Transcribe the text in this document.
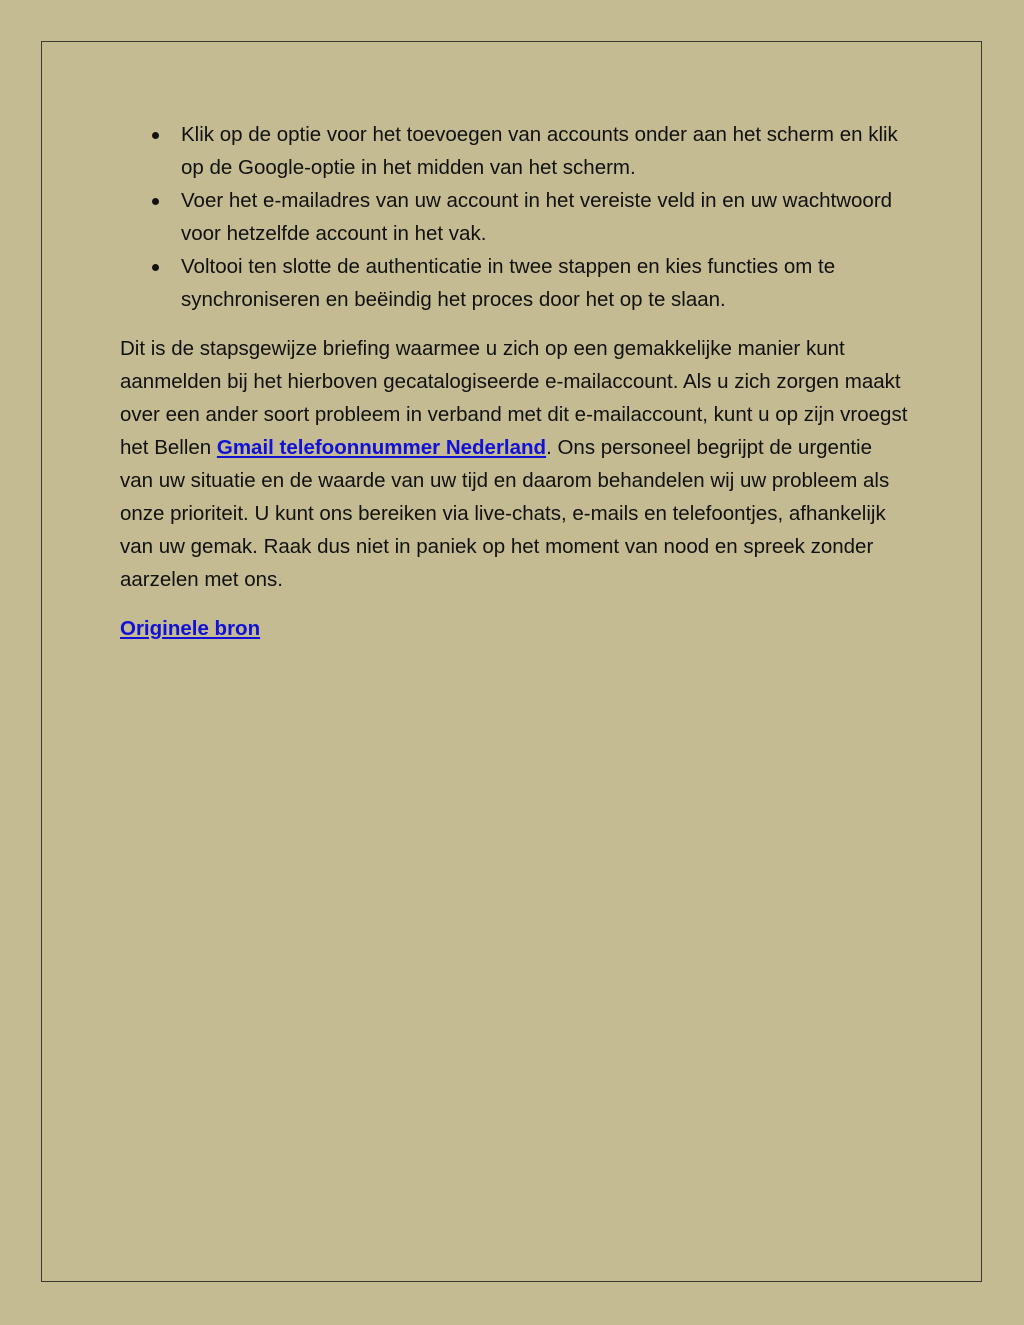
Klik op de optie voor het toevoegen van accounts onder aan het scherm en klik op de Google-optie in het midden van het scherm.
Voer het e-mailadres van uw account in het vereiste veld in en uw wachtwoord voor hetzelfde account in het vak.
Voltooi ten slotte de authenticatie in twee stappen en kies functies om te synchroniseren en beëindig het proces door het op te slaan.

Dit is de stapsgewijze briefing waarmee u zich op een gemakkelijke manier kunt aanmelden bij het hierboven gecatalogiseerde e-mailaccount. Als u zich zorgen maakt over een ander soort probleem in verband met dit e-mailaccount, kunt u op zijn vroegst het Bellen Gmail telefoonnummer Nederland. Ons personeel begrijpt de urgentie van uw situatie en de waarde van uw tijd en daarom behandelen wij uw probleem als onze prioriteit. U kunt ons bereiken via live-chats, e-mails en telefoontjes, afhankelijk van uw gemak. Raak dus niet in paniek op het moment van nood en spreek zonder aarzelen met ons.

Originele bron
